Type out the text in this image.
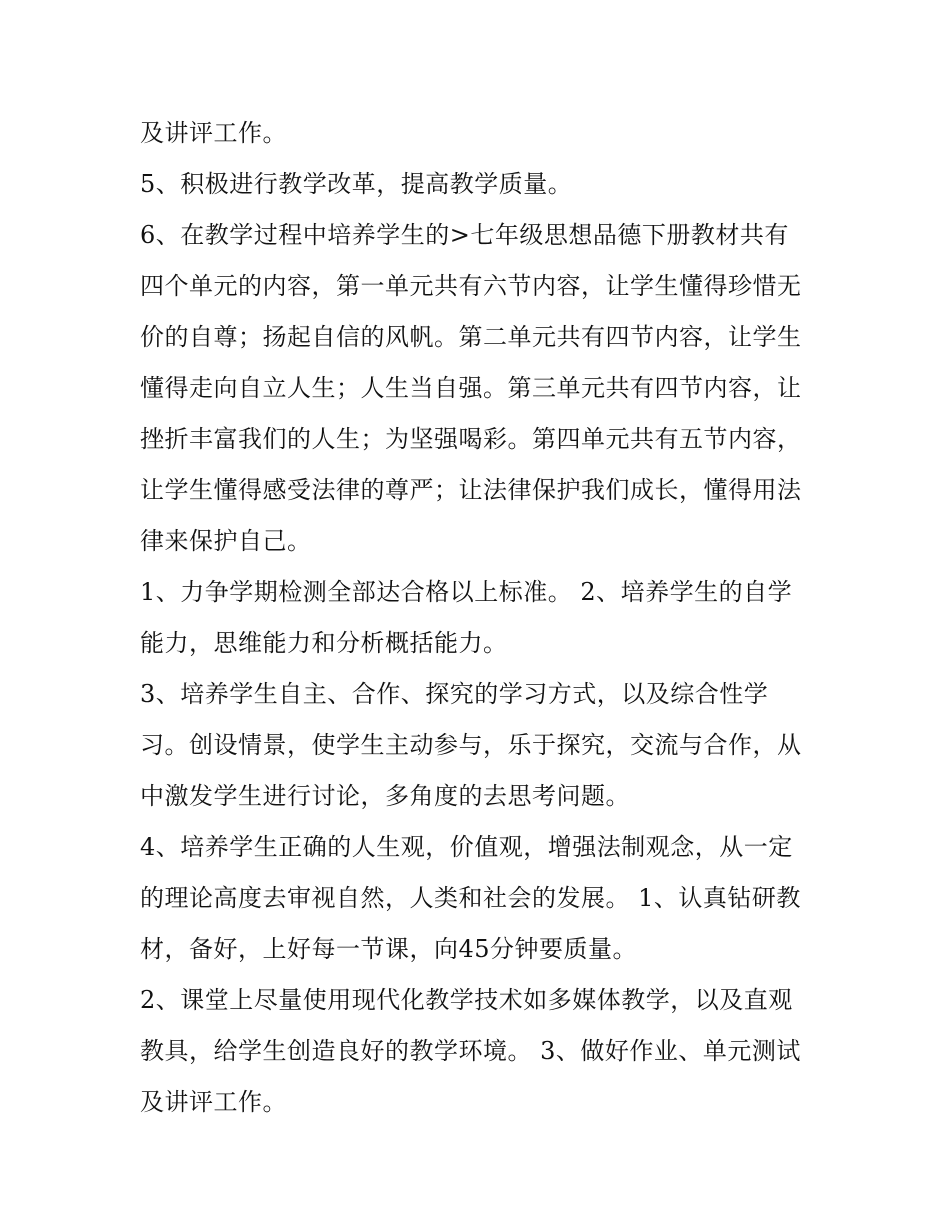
及讲评工作。
5、积极进行教学改革，提高教学质量。
6、在教学过程中培养学生的>七年级思想品德下册教材共有
四个单元的内容，第一单元共有六节内容，让学生懂得珍惜无
价的自尊；扬起自信的风帆。第二单元共有四节内容，让学生
懂得走向自立人生；人生当自强。第三单元共有四节内容，让
挫折丰富我们的人生；为坚强喝彩。第四单元共有五节内容，
让学生懂得感受法律的尊严；让法律保护我们成长，懂得用法
律来保护自己。
1、力争学期检测全部达合格以上标准。 2、培养学生的自学
能力，思维能力和分析概括能力。
3、培养学生自主、合作、探究的学习方式，以及综合性学
习。创设情景，使学生主动参与，乐于探究，交流与合作，从
中激发学生进行讨论，多角度的去思考问题。
4、培养学生正确的人生观，价值观，增强法制观念，从一定
的理论高度去审视自然，人类和社会的发展。 1、认真钻研教
材，备好，上好每一节课，向45分钟要质量。
2、课堂上尽量使用现代化教学技术如多媒体教学，以及直观
教具，给学生创造良好的教学环境。 3、做好作业、单元测试
及讲评工作。
